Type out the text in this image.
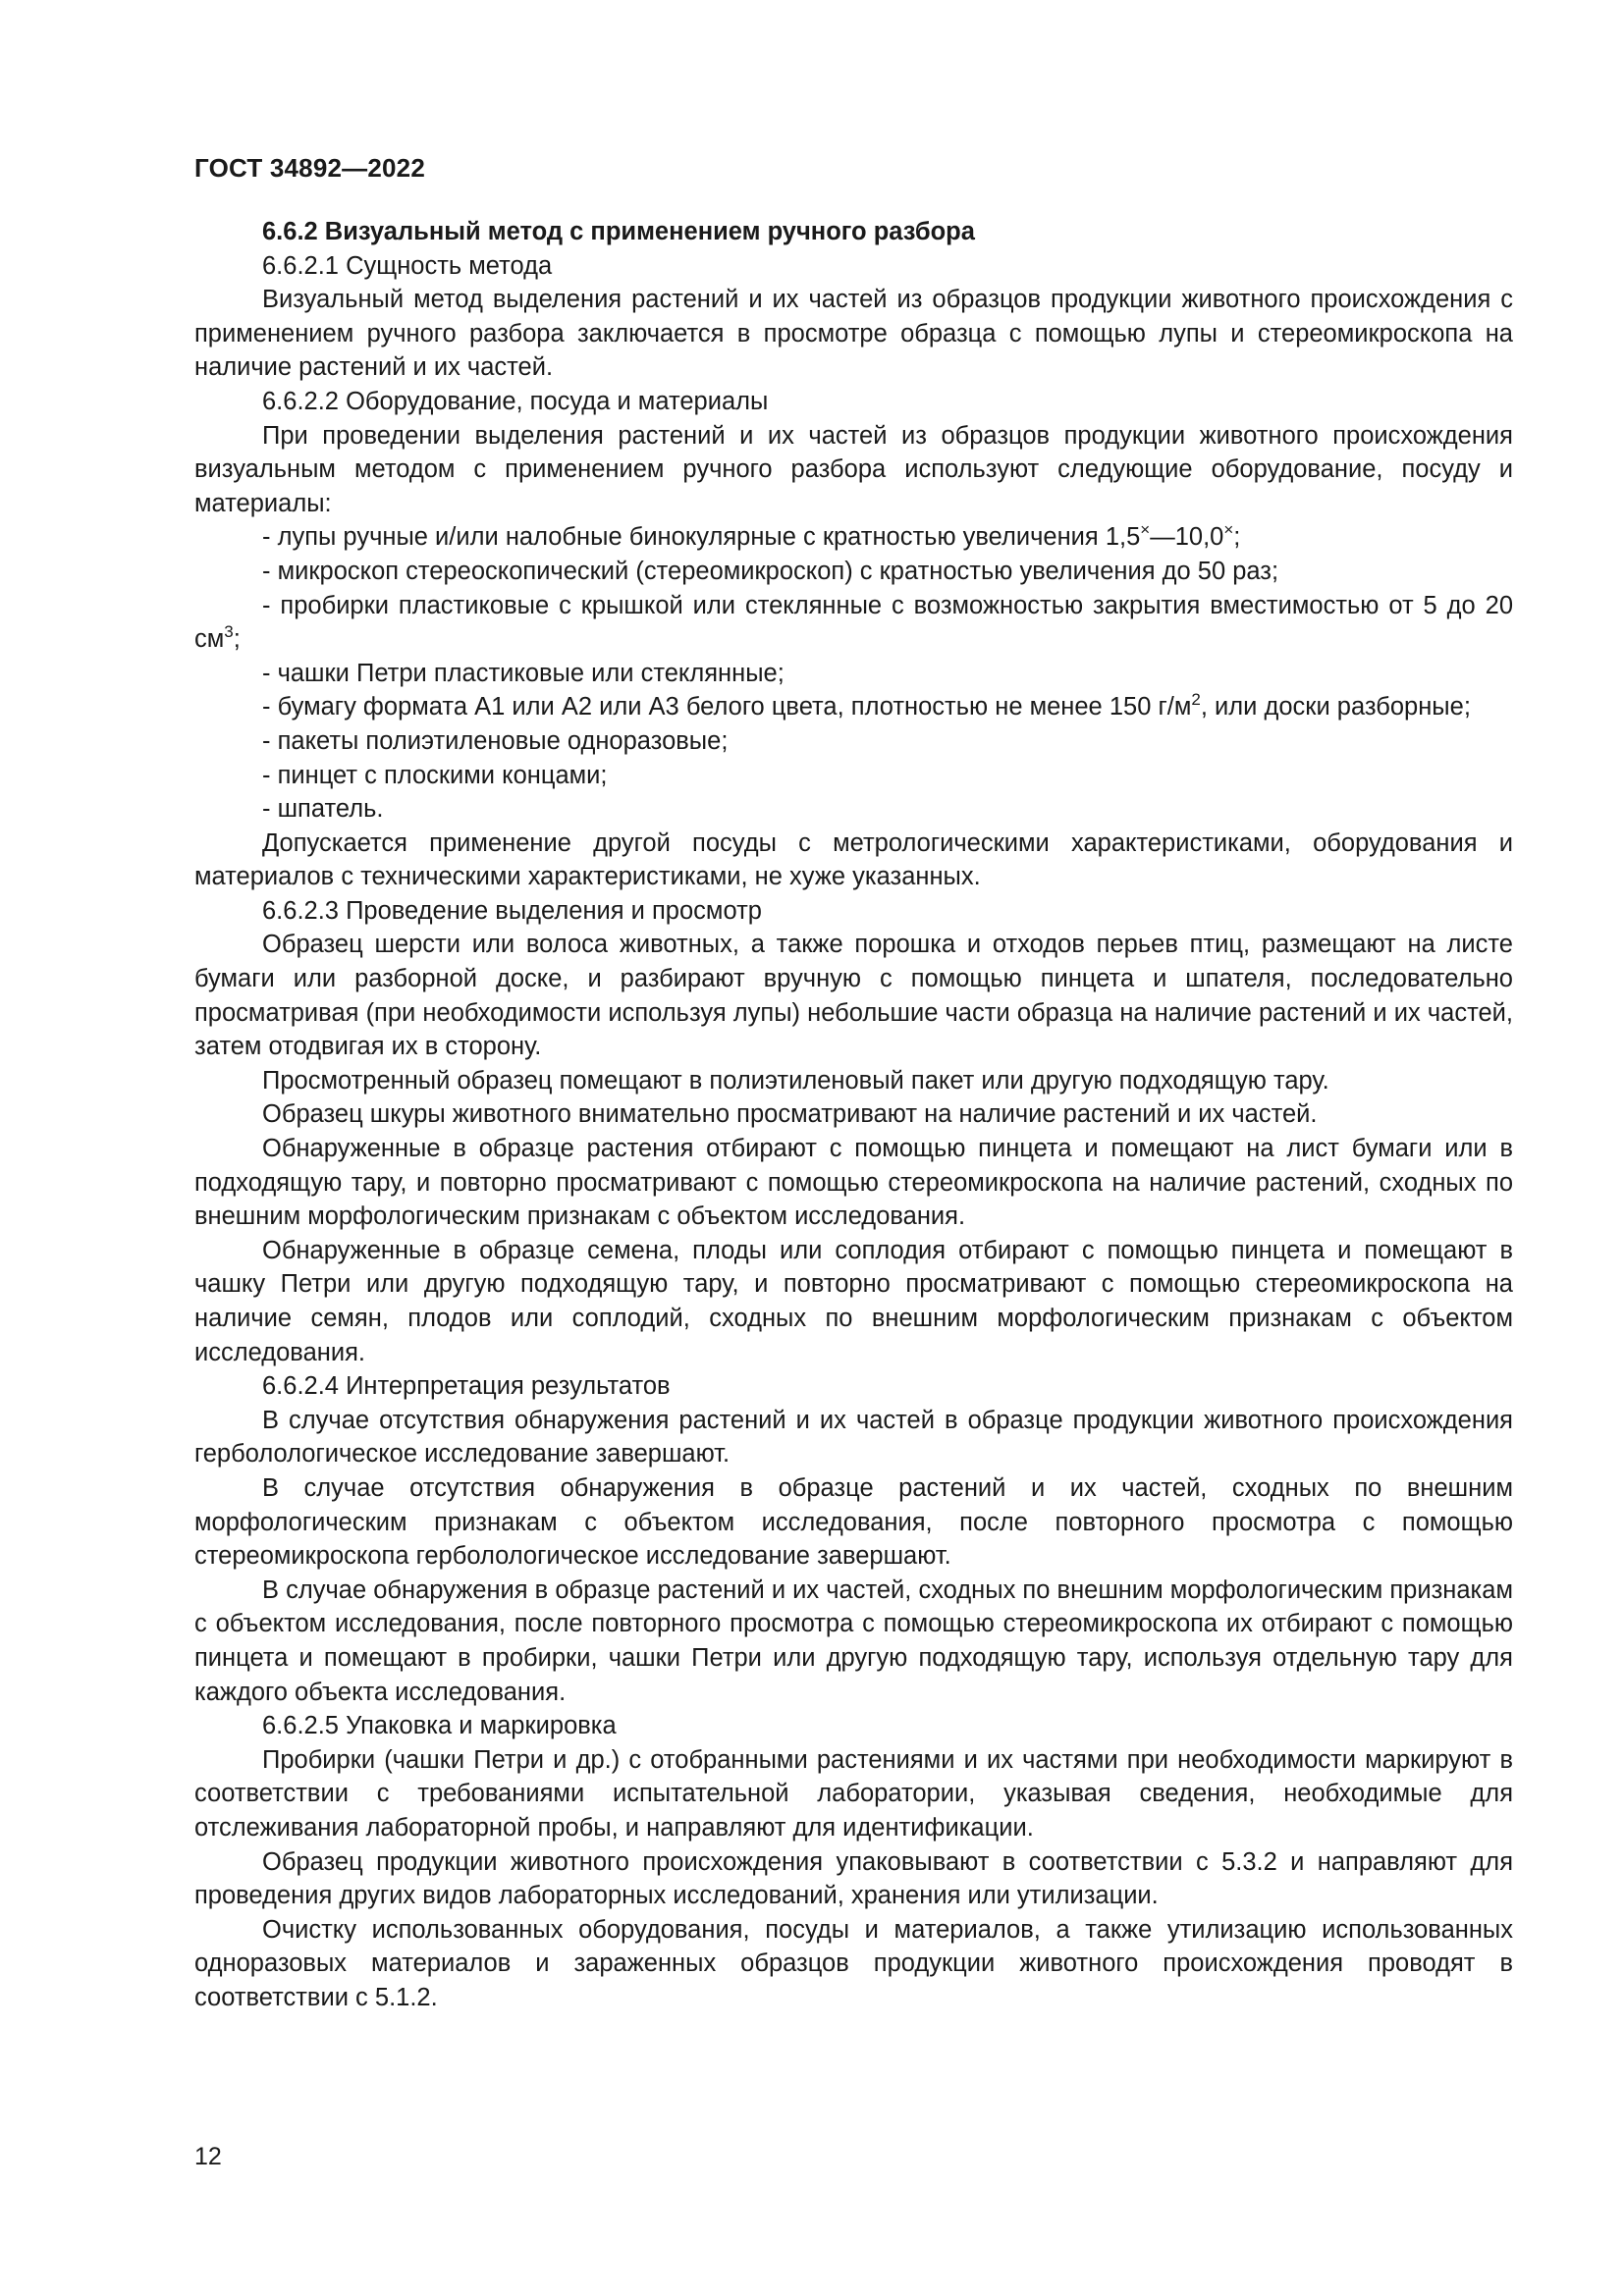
ГОСТ 34892—2022

6.6.2 Визуальный метод с применением ручного разбора

6.6.2.1 Сущность метода

Визуальный метод выделения растений и их частей из образцов продукции животного происхождения с применением ручного разбора заключается в просмотре образца с помощью лупы и стереомикроскопа на наличие растений и их частей.

6.6.2.2 Оборудование, посуда и материалы

При проведении выделения растений и их частей из образцов продукции животного происхождения визуальным методом с применением ручного разбора используют следующие оборудование, посуду и материалы:

- лупы ручные и/или налобные бинокулярные с кратностью увеличения 1,5×—10,0×;

- микроскоп стереоскопический (стереомикроскоп) с кратностью увеличения до 50 раз;

- пробирки пластиковые с крышкой или стеклянные с возможностью закрытия вместимостью от 5 до 20 $см^3$;

- чашки Петри пластиковые или стеклянные;

- бумагу формата А1 или А2 или А3 белого цвета, плотностью не менее 150 $г/м^2$, или доски разборные;

- пакеты полиэтиленовые одноразовые;

- пинцет с плоскими концами;

- шпатель.

Допускается применение другой посуды с метрологическими характеристиками, оборудования и материалов с техническими характеристиками, не хуже указанных.

6.6.2.3 Проведение выделения и просмотр

Образец шерсти или волоса животных, а также порошка и отходов перьев птиц, размещают на листе бумаги или разборной доске, и разбирают вручную с помощью пинцета и шпателя, последовательно просматривая (при необходимости используя лупы) небольшие части образца на наличие растений и их частей, затем отодвигая их в сторону.

Просмотренный образец помещают в полиэтиленовый пакет или другую подходящую тару.

Образец шкуры животного внимательно просматривают на наличие растений и их частей.

Обнаруженные в образце растения отбирают с помощью пинцета и помещают на лист бумаги или в подходящую тару, и повторно просматривают с помощью стереомикроскопа на наличие растений, сходных по внешним морфологическим признакам с объектом исследования.

Обнаруженные в образце семена, плоды или соплодия отбирают с помощью пинцета и помещают в чашку Петри или другую подходящую тару, и повторно просматривают с помощью стереомикроскопа на наличие семян, плодов или соплодий, сходных по внешним морфологическим признакам с объектом исследования.

6.6.2.4 Интерпретация результатов

В случае отсутствия обнаружения растений и их частей в образце продукции животного происхождения герболологическое исследование завершают.

В случае отсутствия обнаружения в образце растений и их частей, сходных по внешним морфологическим признакам с объектом исследования, после повторного просмотра с помощью стереомикроскопа герболологическое исследование завершают.

В случае обнаружения в образце растений и их частей, сходных по внешним морфологическим признакам с объектом исследования, после повторного просмотра с помощью стереомикроскопа их отбирают с помощью пинцета и помещают в пробирки, чашки Петри или другую подходящую тару, используя отдельную тару для каждого объекта исследования.

6.6.2.5 Упаковка и маркировка

Пробирки (чашки Петри и др.) с отобранными растениями и их частями при необходимости маркируют в соответствии с требованиями испытательной лаборатории, указывая сведения, необходимые для отслеживания лабораторной пробы, и направляют для идентификации.

Образец продукции животного происхождения упаковывают в соответствии с 5.3.2 и направляют для проведения других видов лабораторных исследований, хранения или утилизации.

Очистку использованных оборудования, посуды и материалов, а также утилизацию использованных одноразовых материалов и зараженных образцов продукции животного происхождения проводят в соответствии с 5.1.2.

12
